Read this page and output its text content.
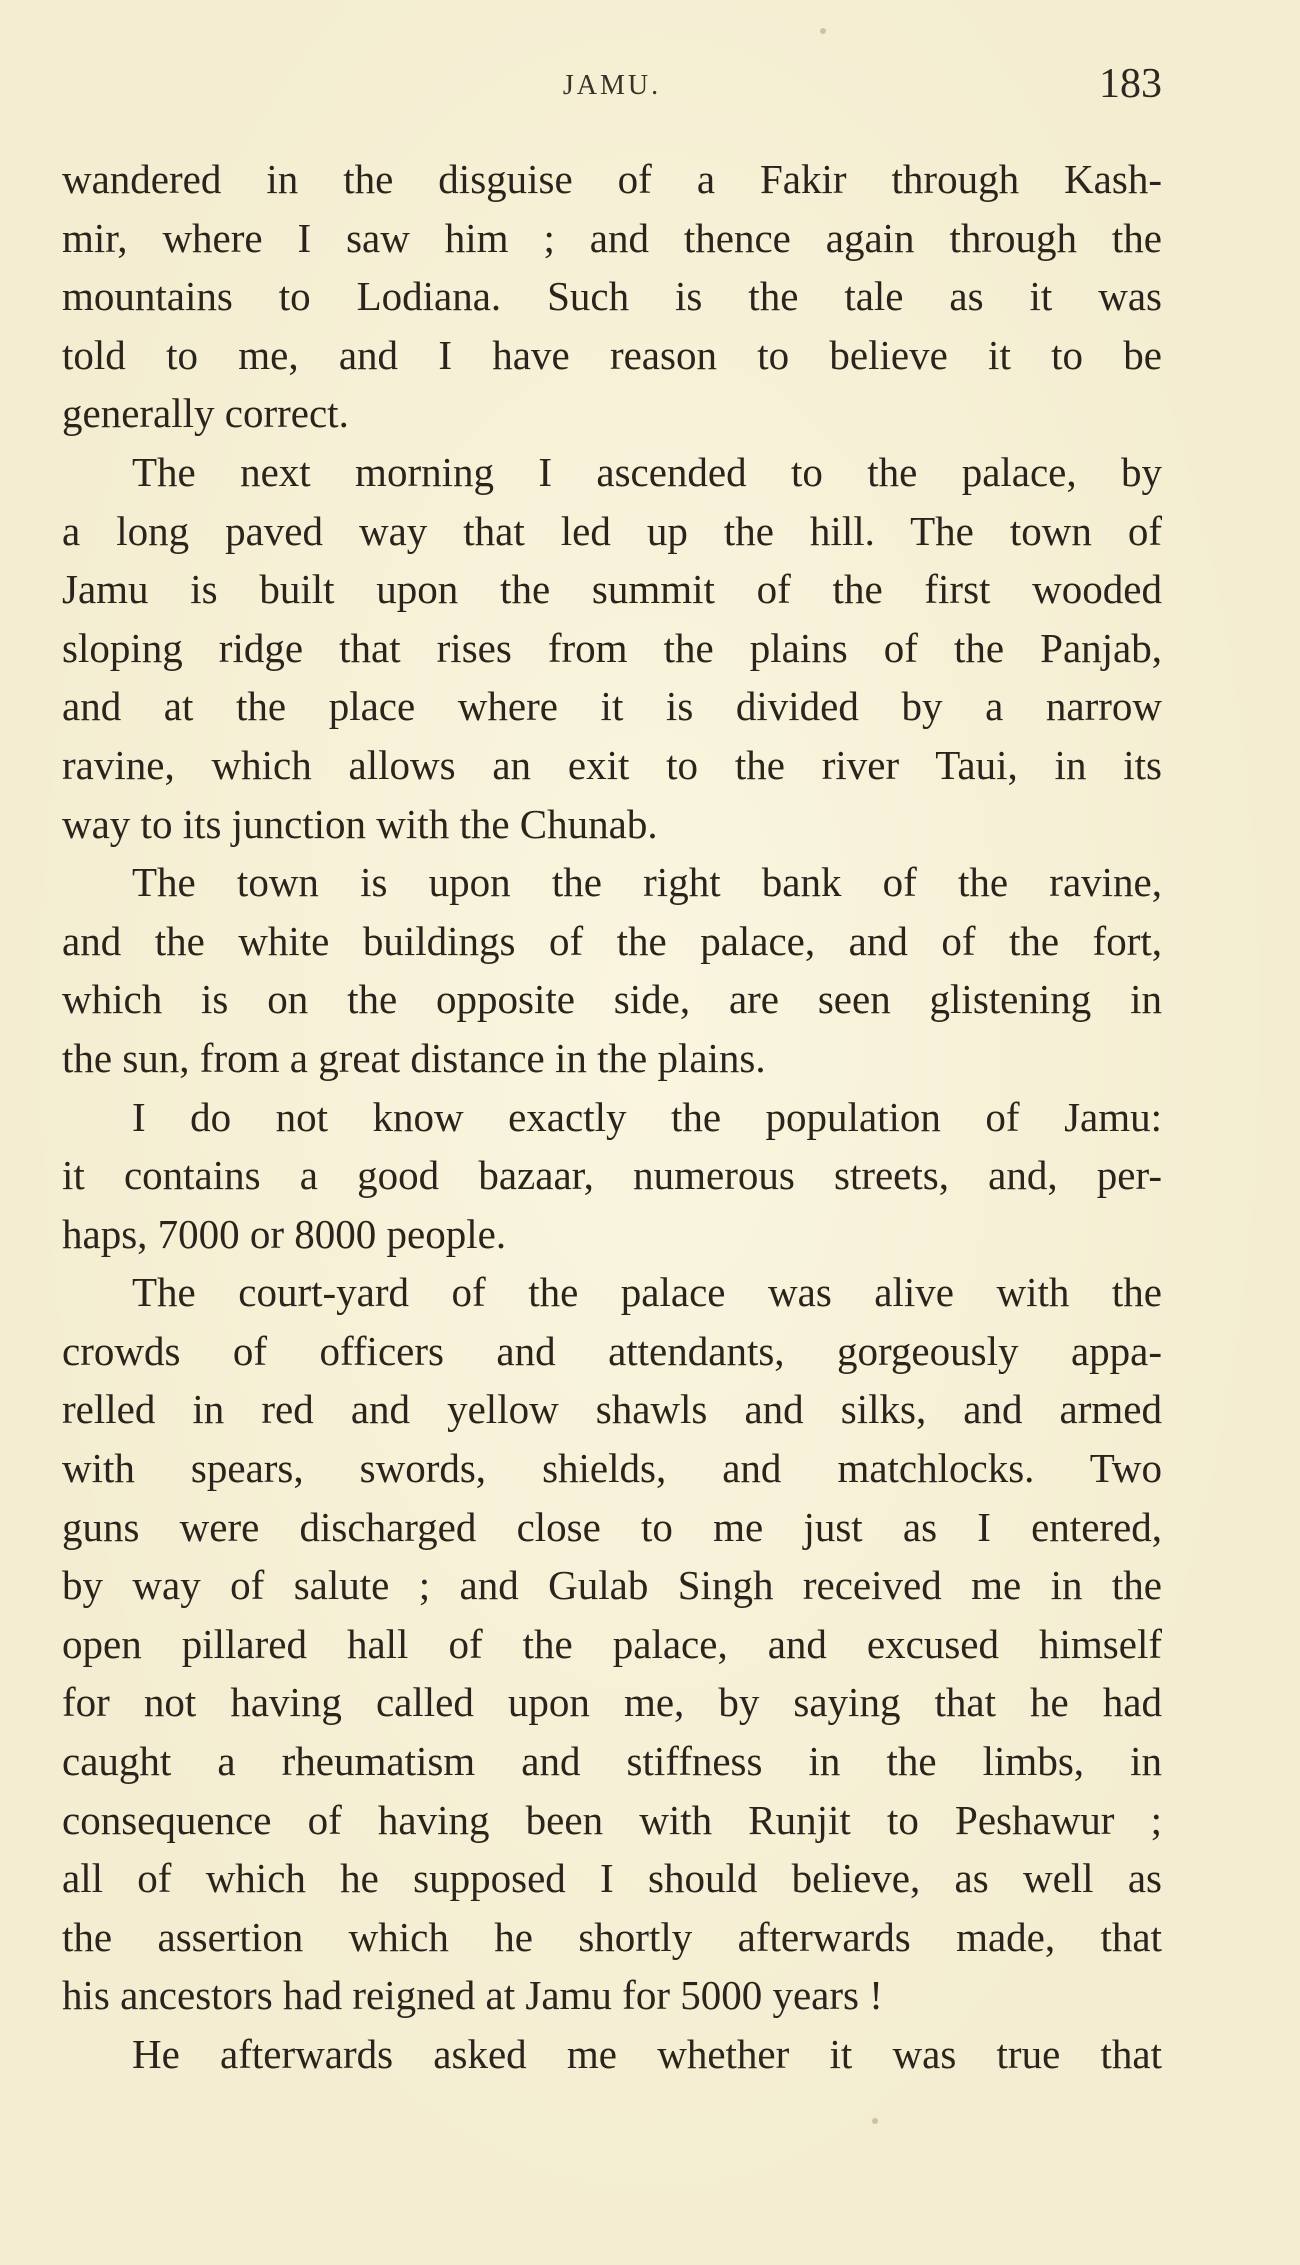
JAMU.	183
wandered in the disguise of a Fakir through Kash-
mir, where I saw him ; and thence again through the
mountains to Lodiana. Such is the tale as it was
told to me, and I have reason to believe it to be
generally correct.
The next morning I ascended to the palace, by
a long paved way that led up the hill. The town of
Jamu is built upon the summit of the first wooded
sloping ridge that rises from the plains of the Panjab,
and at the place where it is divided by a narrow
ravine, which allows an exit to the river Taui, in its
way to its junction with the Chunab.
The town is upon the right bank of the ravine,
and the white buildings of the palace, and of the fort,
which is on the opposite side, are seen glistening in
the sun, from a great distance in the plains.
I do not know exactly the population of Jamu:
it contains a good bazaar, numerous streets, and, per-
haps, 7000 or 8000 people.
The court-yard of the palace was alive with the
crowds of officers and attendants, gorgeously appa-
relled in red and yellow shawls and silks, and armed
with spears, swords, shields, and matchlocks. Two
guns were discharged close to me just as I entered,
by way of salute ; and Gulab Singh received me in the
open pillared hall of the palace, and excused himself
for not having called upon me, by saying that he had
caught a rheumatism and stiffness in the limbs, in
consequence of having been with Runjit to Peshawur ;
all of which he supposed I should believe, as well as
the assertion which he shortly afterwards made, that
his ancestors had reigned at Jamu for 5000 years !
He afterwards asked me whether it was true that
